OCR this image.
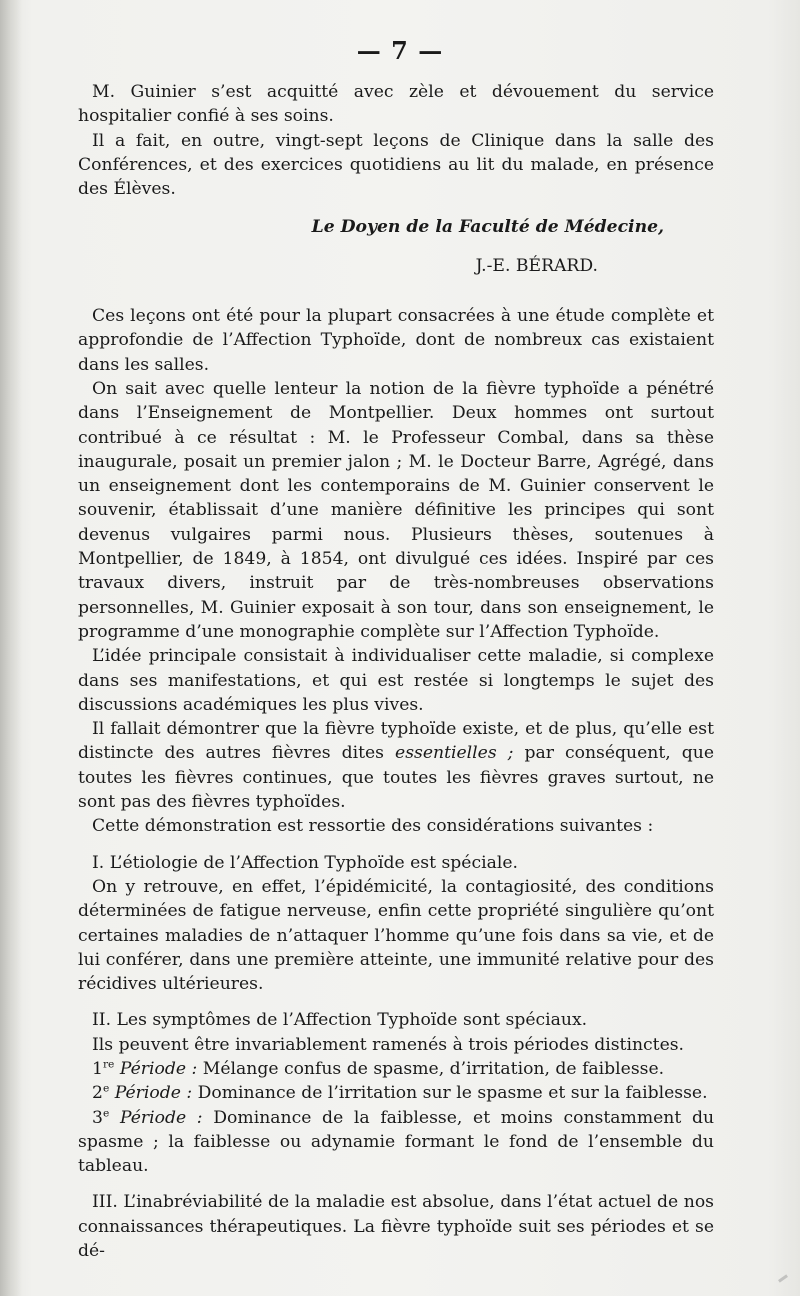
— 7 —

M. Guinier s’est acquitté avec zèle et dévouement du service hospitalier confié à ses soins.

Il a fait, en outre, vingt-sept leçons de Clinique dans la salle des Conférences, et des exercices quotidiens au lit du malade, en présence des Élèves.

Le Doyen de la Faculté de Médecine,

J.-E. BÉRARD.

Ces leçons ont été pour la plupart consacrées à une étude complète et approfondie de l’Affection Typhoïde, dont de nombreux cas existaient dans les salles.

On sait avec quelle lenteur la notion de la fièvre typhoïde a pénétré dans l’Enseignement de Montpellier. Deux hommes ont surtout contribué à ce résultat : M. le Professeur Combal, dans sa thèse inaugurale, posait un premier jalon ; M. le Docteur Barre, Agrégé, dans un enseignement dont les contemporains de M. Guinier conservent le souvenir, établissait d’une manière définitive les principes qui sont devenus vulgaires parmi nous. Plusieurs thèses, soutenues à Montpellier, de 1849, à 1854, ont divulgué ces idées. Inspiré par ces travaux divers, instruit par de très-nombreuses observations personnelles, M. Guinier exposait à son tour, dans son enseignement, le programme d’une monographie complète sur l’Affection Typhoïde.

L’idée principale consistait à individualiser cette maladie, si complexe dans ses manifestations, et qui est restée si longtemps le sujet des discussions académiques les plus vives.

Il fallait démontrer que la fièvre typhoïde existe, et de plus, qu’elle est distincte des autres fièvres dites essentielles ; par conséquent, que toutes les fièvres continues, que toutes les fièvres graves surtout, ne sont pas des fièvres typhoïdes.

Cette démonstration est ressortie des considérations suivantes :

I. L’étiologie de l’Affection Typhoïde est spéciale.

On y retrouve, en effet, l’épidémicité, la contagiosité, des conditions déterminées de fatigue nerveuse, enfin cette propriété singulière qu’ont certaines maladies de n’attaquer l’homme qu’une fois dans sa vie, et de lui conférer, dans une première atteinte, une immunité relative pour des récidives ultérieures.

II. Les symptômes de l’Affection Typhoïde sont spéciaux.

Ils peuvent être invariablement ramenés à trois périodes distinctes.

1re Période : Mélange confus de spasme, d’irritation, de faiblesse.

2e Période : Dominance de l’irritation sur le spasme et sur la faiblesse.

3e Période : Dominance de la faiblesse, et moins constamment du spasme ; la faiblesse ou adynamie formant le fond de l’ensemble du tableau.

III. L’inabréviabilité de la maladie est absolue, dans l’état actuel de nos connaissances thérapeutiques. La fièvre typhoïde suit ses périodes et se dé-
